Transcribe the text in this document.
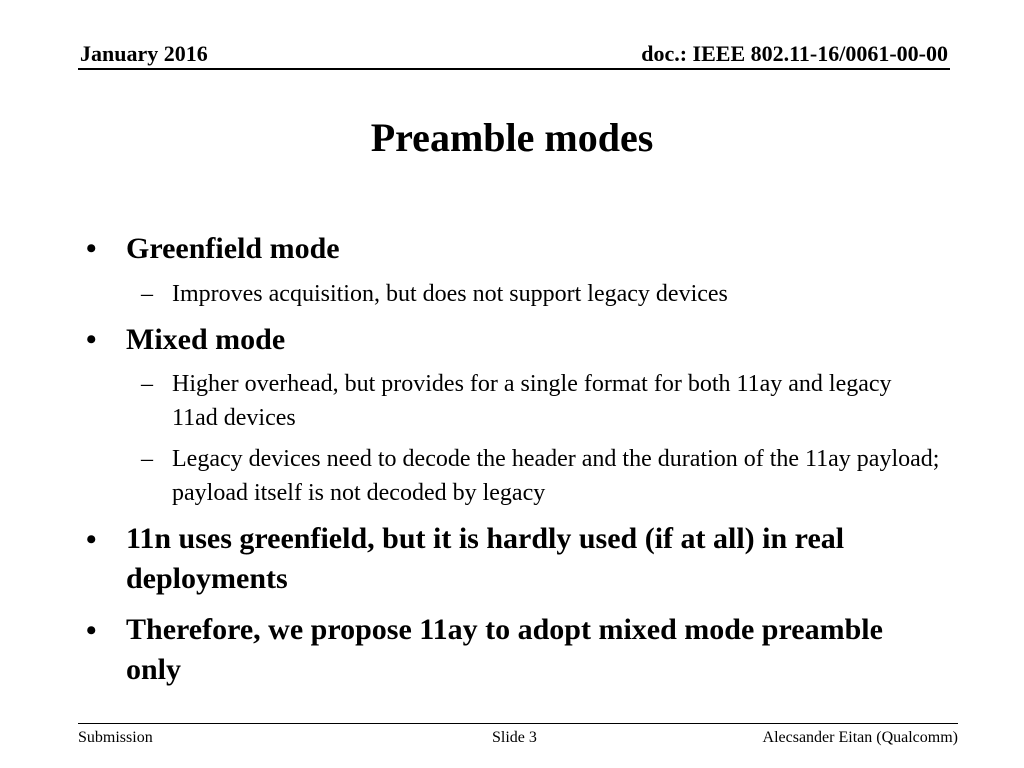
January 2016	doc.: IEEE 802.11-16/0061-00-00
Preamble modes
• Greenfield mode
– Improves acquisition, but does not support legacy devices
• Mixed mode
– Higher overhead, but provides for a single format for both 11ay and legacy 11ad devices
– Legacy devices need to decode the header and the duration of the 11ay payload; payload itself is not decoded by legacy
• 11n uses greenfield, but it is hardly used (if at all) in real deployments
• Therefore, we propose 11ay to adopt mixed mode preamble only
Submission	Slide 3	Alecsander Eitan (Qualcomm)
